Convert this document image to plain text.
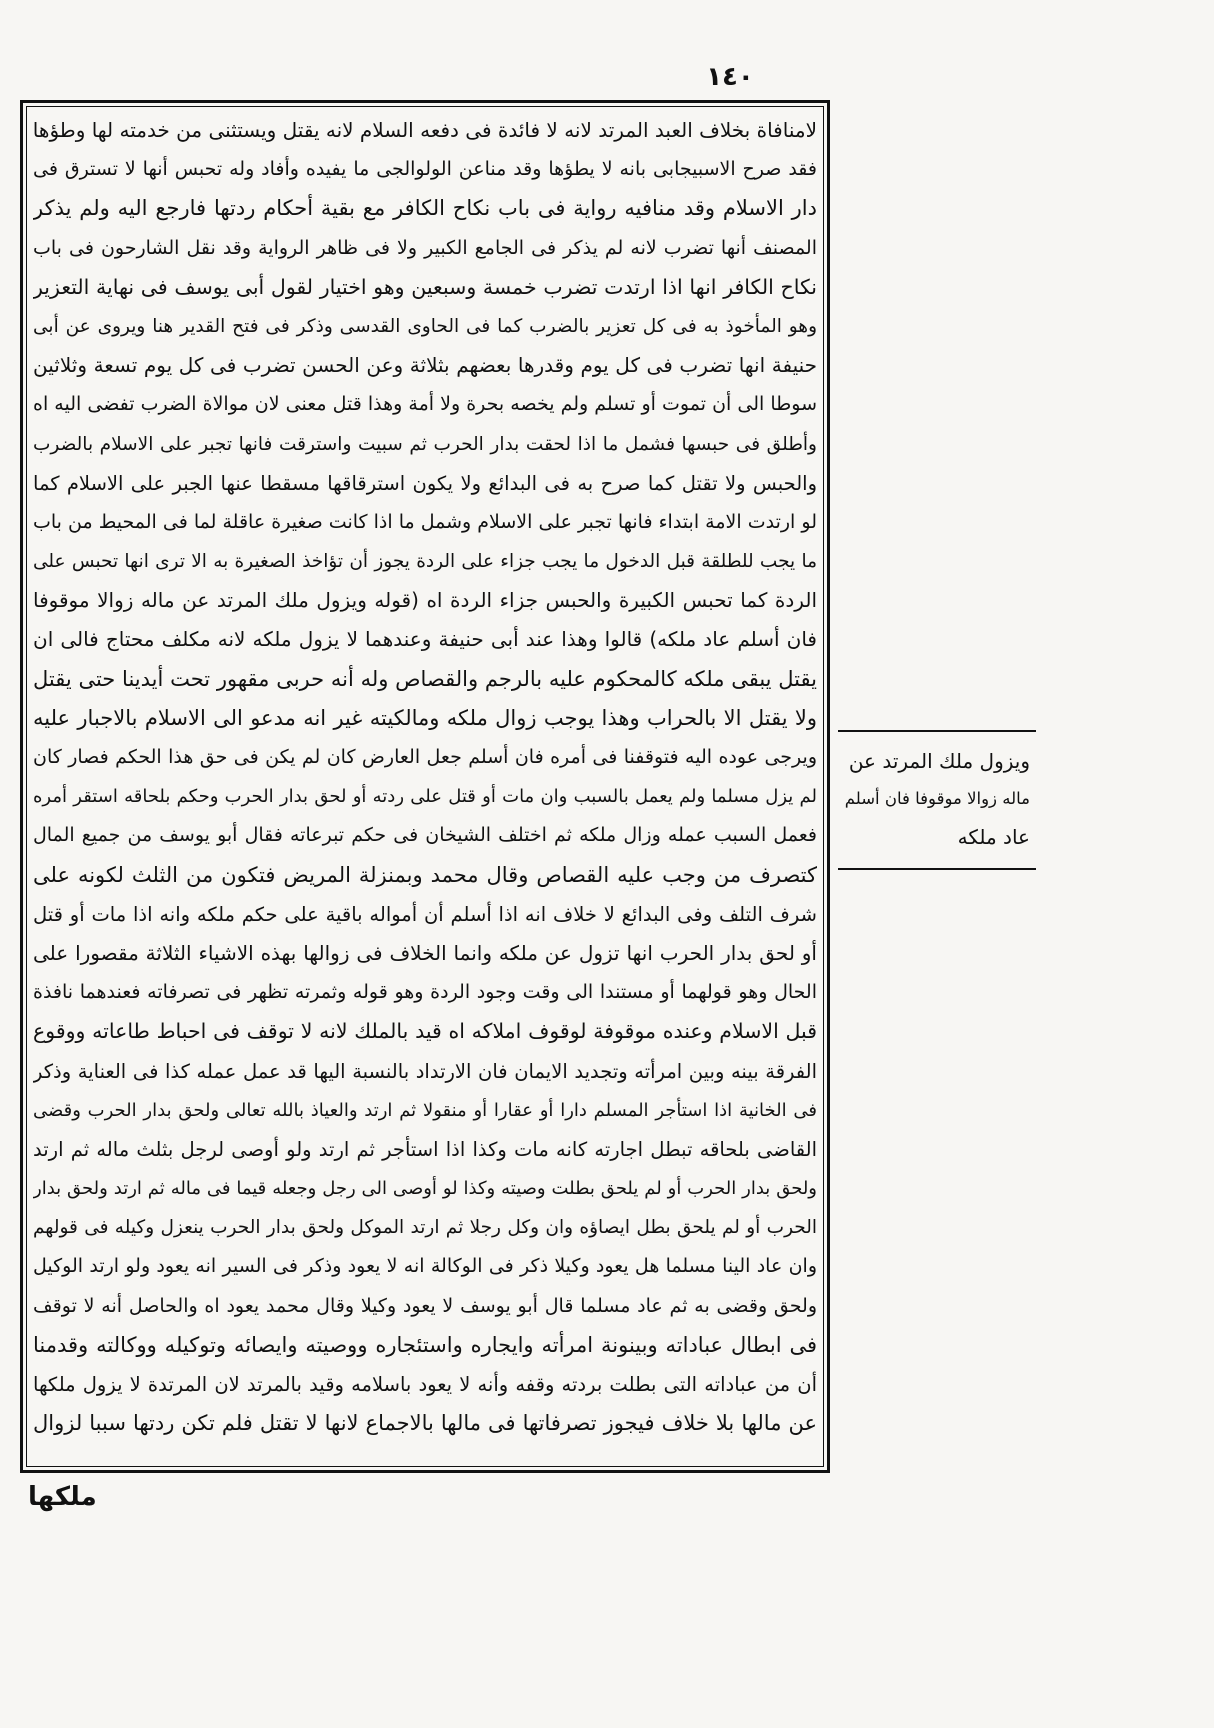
١٤٠
لامنافاة بخلاف العبد المرتد لانه لا فائدة فى دفعه السلام لانه يقتل ويستثنى من خدمته لها وطؤها
فقد صرح الاسبيجابى بانه لا يطؤها وقد مناعن الولوالجى ما يفيده وأفاد وله تحبس أنها لا تسترق فى
دار الاسلام وقد منافيه رواية فى باب نكاح الكافر مع بقية أحكام ردتها فارجع اليه ولم يذكر
المصنف أنها تضرب لانه لم يذكر فى الجامع الكبير ولا فى ظاهر الرواية وقد نقل الشارحون فى باب
نكاح الكافر انها اذا ارتدت تضرب خمسة وسبعين وهو اختيار لقول أبى يوسف فى نهاية التعزير
وهو المأخوذ به فى كل تعزير بالضرب كما فى الحاوى القدسى وذكر فى فتح القدير هنا ويروى عن أبى
حنيفة انها تضرب فى كل يوم وقدرها بعضهم بثلاثة وعن الحسن تضرب فى كل يوم تسعة وثلاثين
سوطا الى أن تموت أو تسلم ولم يخصه بحرة ولا أمة وهذا قتل معنى لان موالاة الضرب تفضى اليه اه
وأطلق فى حبسها فشمل ما اذا لحقت بدار الحرب ثم سبيت واسترقت فانها تجبر على الاسلام بالضرب
والحبس ولا تقتل كما صرح به فى البدائع ولا يكون استرقاقها مسقطا عنها الجبر على الاسلام كما
لو ارتدت الامة ابتداء فانها تجبر على الاسلام وشمل ما اذا كانت صغيرة عاقلة لما فى المحيط من باب
ما يجب للطلقة قبل الدخول ما يجب جزاء على الردة يجوز أن تؤاخذ الصغيرة به الا ترى انها تحبس على
الردة كما تحبس الكبيرة والحبس جزاء الردة اه (قوله ويزول ملك المرتد عن ماله زوالا موقوفا
فان أسلم عاد ملكه) قالوا وهذا عند أبى حنيفة وعندهما لا يزول ملكه لانه مكلف محتاج فالى ان
يقتل يبقى ملكه كالمحكوم عليه بالرجم والقصاص وله أنه حربى مقهور تحت أيدينا حتى يقتل
ولا يقتل الا بالحراب وهذا يوجب زوال ملكه ومالكيته غير انه مدعو الى الاسلام بالاجبار عليه
ويرجى عوده اليه فتوقفنا فى أمره فان أسلم جعل العارض كان لم يكن فى حق هذا الحكم فصار كان
لم يزل مسلما ولم يعمل بالسبب وان مات أو قتل على ردته أو لحق بدار الحرب وحكم بلحاقه استقر أمره
فعمل السبب عمله وزال ملكه ثم اختلف الشيخان فى حكم تبرعاته فقال أبو يوسف من جميع المال
كتصرف من وجب عليه القصاص وقال محمد وبمنزلة المريض فتكون من الثلث لكونه على
شرف التلف وفى البدائع لا خلاف انه اذا أسلم أن أمواله باقية على حكم ملكه وانه اذا مات أو قتل
أو لحق بدار الحرب انها تزول عن ملكه وانما الخلاف فى زوالها بهذه الاشياء الثلاثة مقصورا على
الحال وهو قولهما أو مستندا الى وقت وجود الردة وهو قوله وثمرته تظهر فى تصرفاته فعندهما نافذة
قبل الاسلام وعنده موقوفة لوقوف املاكه اه قيد بالملك لانه لا توقف فى احباط طاعاته ووقوع
الفرقة بينه وبين امرأته وتجديد الايمان فان الارتداد بالنسبة اليها قد عمل عمله كذا فى العناية وذكر
فى الخانية اذا استأجر المسلم دارا أو عقارا أو منقولا ثم ارتد والعياذ بالله تعالى ولحق بدار الحرب وقضى
القاضى بلحاقه تبطل اجارته كانه مات وكذا اذا استأجر ثم ارتد ولو أوصى لرجل بثلث ماله ثم ارتد
ولحق بدار الحرب أو لم يلحق بطلت وصيته وكذا لو أوصى الى رجل وجعله قيما فى ماله ثم ارتد ولحق بدار
الحرب أو لم يلحق بطل ايصاؤه وان وكل رجلا ثم ارتد الموكل ولحق بدار الحرب ينعزل وكيله فى قولهم
وان عاد الينا مسلما هل يعود وكيلا ذكر فى الوكالة انه لا يعود وذكر فى السير انه يعود ولو ارتد الوكيل
ولحق وقضى به ثم عاد مسلما قال أبو يوسف لا يعود وكيلا وقال محمد يعود اه والحاصل أنه لا توقف
فى ابطال عباداته وبينونة امرأته وايجاره واستئجاره ووصيته وايصائه وتوكيله ووكالته وقدمنا
أن من عباداته التى بطلت بردته وقفه وأنه لا يعود باسلامه وقيد بالمرتد لان المرتدة لا يزول ملكها
عن مالها بلا خلاف فيجوز تصرفاتها فى مالها بالاجماع لانها لا تقتل فلم تكن ردتها سببا لزوال
ويزول ملك المرتد عن
ماله زوالا موقوفا فان أسلم
عاد ملكه
ملكها
